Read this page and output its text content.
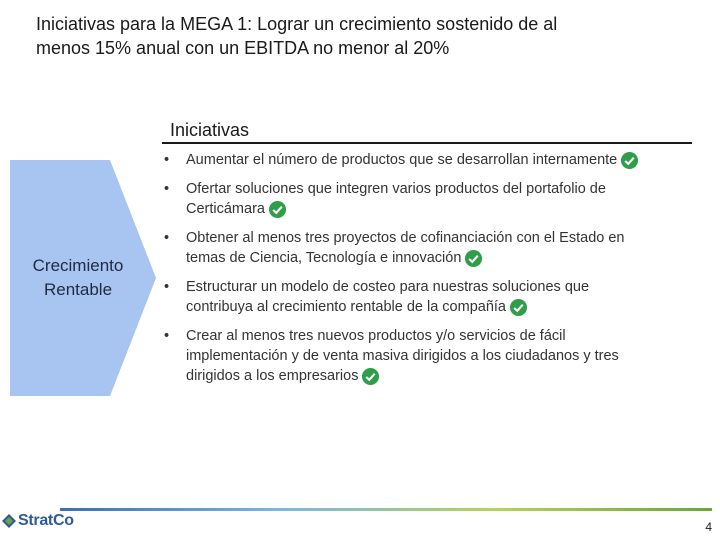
Iniciativas para la MEGA 1: Lograr un crecimiento sostenido de al
menos 15% anual con un EBITDA no menor al 20%
Iniciativas
Crecimiento
Rentable
• Aumentar el número de productos que se desarrollan internamente
• Ofertar soluciones que integren varios productos del portafolio de
Certicámara
• Obtener al menos tres proyectos de cofinanciación con el Estado en
temas de Ciencia, Tecnología e innovación
• Estructurar un modelo de costeo para nuestras soluciones que
contribuya al crecimiento rentable de la compañía
• Crear al menos tres nuevos productos y/o servicios de fácil
implementación y de venta masiva dirigidos a los ciudadanos y tres
dirigidos a los empresarios
StratCo	4
